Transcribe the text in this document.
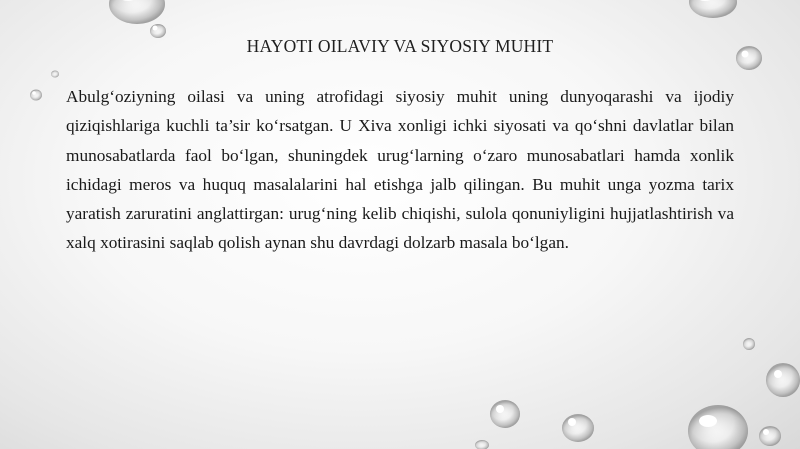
HAYOTI OILAVIY VA SIYOSIY MUHIT
Abulg‘oziyning oilasi va uning atrofidagi siyosiy muhit uning dunyoqarashi va ijodiy qiziqishlariga kuchli ta’sir ko‘rsatgan. U Xiva xonligi ichki siyosati va qo‘shni davlatlar bilan munosabatlarda faol bo‘lgan, shuningdek urug‘larning o‘zaro munosabatlari hamda xonlik ichidagi meros va huquq masalalarini hal etishga jalb qilingan. Bu muhit unga yozma tarix yaratish zaruratini anglattirgan: urug‘ning kelib chiqishi, sulola qonuniyligini hujjatlashtirish va xalq xotirasini saqlab qolish aynan shu davrdagi dolzarb masala bo‘lgan.
